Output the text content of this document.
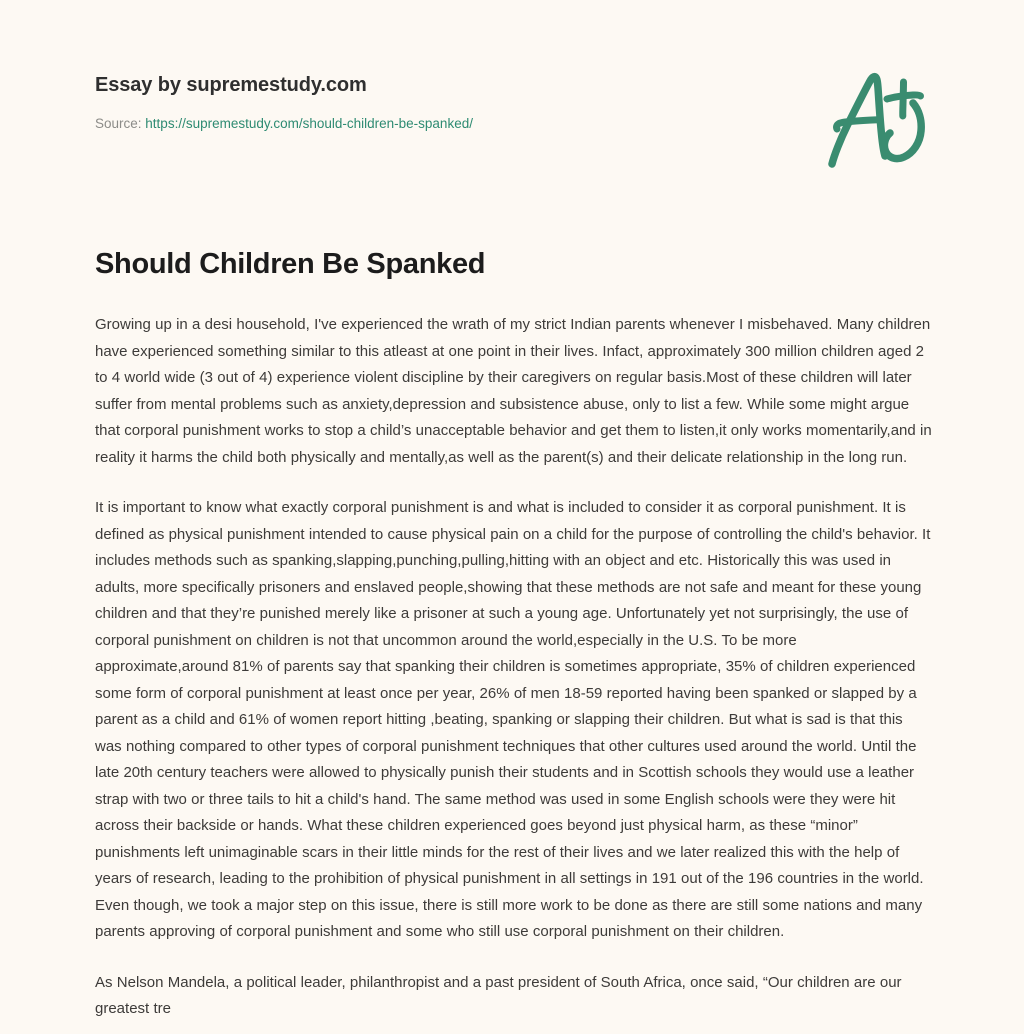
Essay by supremestudy.com
Source: https://supremestudy.com/should-children-be-spanked/
Should Children Be Spanked

Growing up in a desi household, I've experienced the wrath of my strict Indian parents whenever I misbehaved. Many children have experienced something similar to this atleast at one point in their lives. Infact, approximately 300 million children aged 2 to 4 world wide (3 out of 4) experience violent discipline by their caregivers on regular basis.Most of these children will later suffer from mental problems such as anxiety,depression and subsistence abuse, only to list a few. While some might argue that corporal punishment works to stop a child’s unacceptable behavior and get them to listen,it only works momentarily,and in reality it harms the child both physically and mentally,as well as the parent(s) and their delicate relationship in the long run.

It is important to know what exactly corporal punishment is and what is included to consider it as corporal punishment. It is defined as physical punishment intended to cause physical pain on a child for the purpose of controlling the child's behavior. It includes methods such as spanking,slapping,punching,pulling,hitting with an object and etc. Historically this was used in adults, more specifically prisoners and enslaved people,showing that these methods are not safe and meant for these young children and that they’re punished merely like a prisoner at such a young age. Unfortunately yet not surprisingly, the use of corporal punishment on children is not that uncommon around the world,especially in the U.S. To be more approximate,around 81% of parents say that spanking their children is sometimes appropriate, 35% of children experienced some form of corporal punishment at least once per year, 26% of men 18-59 reported having been spanked or slapped by a parent as a child and 61% of women report hitting ,beating, spanking or slapping their children. But what is sad is that this was nothing compared to other types of corporal punishment techniques that other cultures used around the world. Until the late 20th century teachers were allowed to physically punish their students and in Scottish schools they would use a leather strap with two or three tails to hit a child's hand. The same method was used in some English schools were they were hit across their backside or hands. What these children experienced goes beyond just physical harm, as these “minor” punishments left unimaginable scars in their little minds for the rest of their lives and we later realized this with the help of years of research, leading to the prohibition of physical punishment in all settings in 191 out of the 196 countries in the world. Even though, we took a major step on this issue, there is still more work to be done as there are still some nations and many parents approving of corporal punishment and some who still use corporal punishment on their children.

As Nelson Mandela, a political leader, philanthropist and a past president of South Africa, once said, “Our children are our greatest tre
